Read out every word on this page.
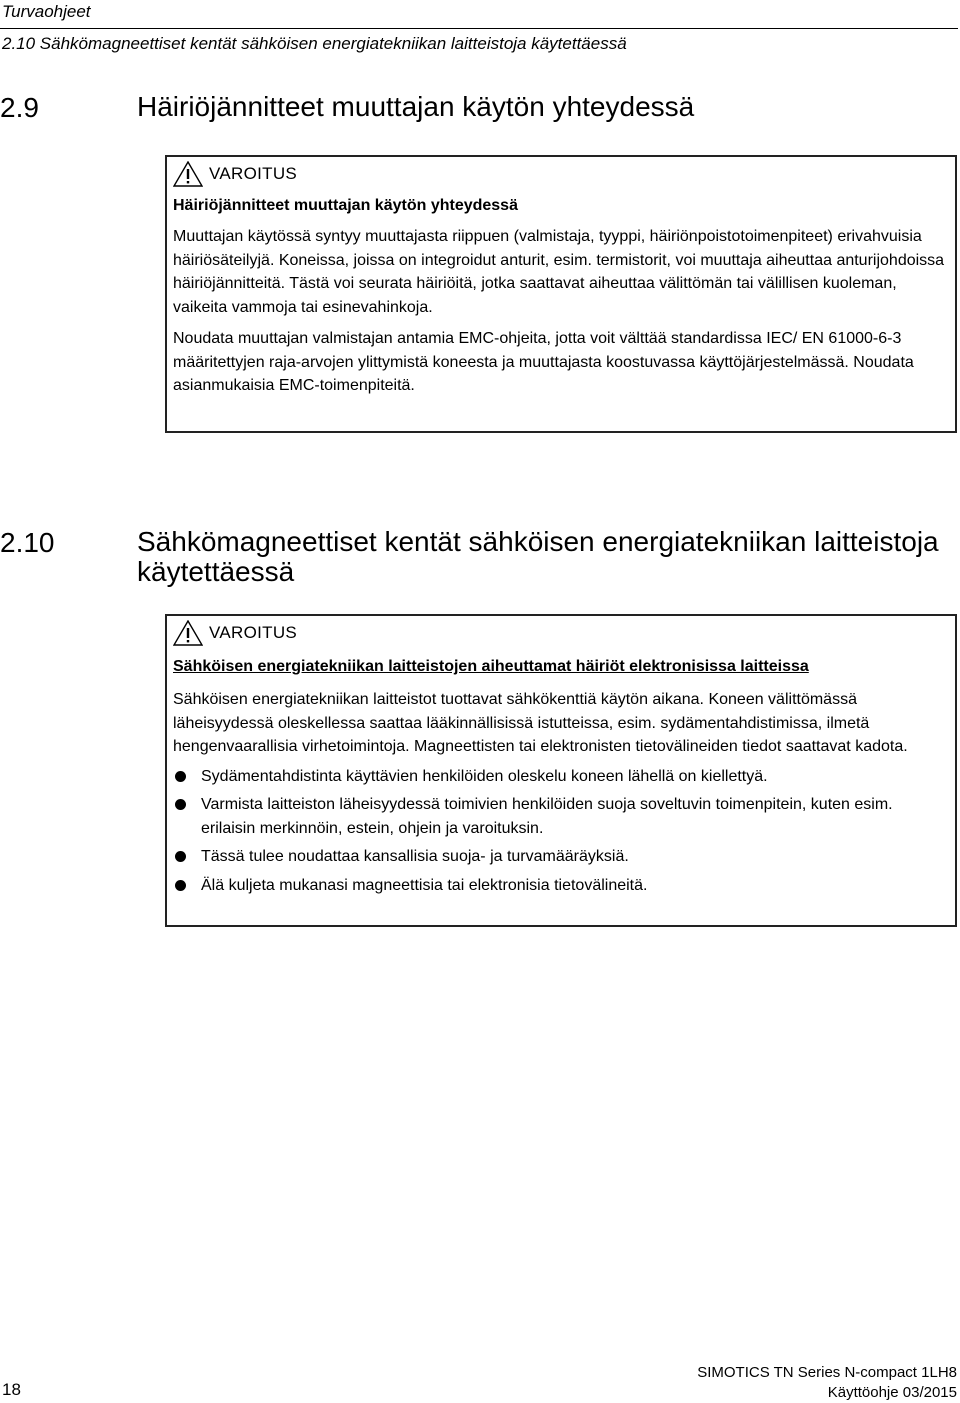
Turvaohjeet
2.10 Sähkömagneettiset kentät sähköisen energiatekniikan laitteistoja käytettäessä
2.9	Häiriöjännitteet muuttajan käytön yhteydessä
VAROITUS

Häiriöjännitteet muuttajan käytön yhteydessä

Muuttajan käytössä syntyy muuttajasta riippuen (valmistaja, tyyppi, häiriönpoistotoimenpiteet) erivahvuisia häiriösäteilyjä. Koneissa, joissa on integroidut anturit, esim. termistorit, voi muuttaja aiheuttaa anturijohdoissa häiriöjännitteitä. Tästä voi seurata häiriöitä, jotka saattavat aiheuttaa välittömän tai välillisen kuoleman, vaikeita vammoja tai esinevahinkoja.

Noudata muuttajan valmistajan antamia EMC-ohjeita, jotta voit välttää standardissa IEC/ EN 61000-6-3 määritettyjen raja-arvojen ylittymistä koneesta ja muuttajasta koostuvassa käyttöjärjestelmässä. Noudata asianmukaisia EMC-toimenpiteitä.

2.10	Sähkömagneettiset kentät sähköisen energiatekniikan laitteistoja
käytettäessä
VAROITUS

Sähköisen energiatekniikan laitteistojen aiheuttamat häiriöt elektronisissa laitteissa

Sähköisen energiatekniikan laitteistot tuottavat sähkökenttiä käytön aikana. Koneen välittömässä läheisyydessä oleskellessa saattaa lääkinnällisissä istutteissa, esim. sydämentahdistimissa, ilmetä hengenvaarallisia virhetoimintoja. Magneettisten tai elektronisten tietovälineiden tiedot saattavat kadota.

Sydämentahdistinta käyttävien henkilöiden oleskelu koneen lähellä on kiellettyä.
Varmista laitteiston läheisyydessä toimivien henkilöiden suoja soveltuvin toimenpitein, kuten esim. erilaisin merkinnöin, estein, ohjein ja varoituksin.
Tässä tulee noudattaa kansallisia suoja- ja turvamääräyksiä.
Älä kuljeta mukanasi magneettisia tai elektronisia tietovälineitä.
18
SIMOTICS TN Series N-compact 1LH8
Käyttöohje 03/2015
